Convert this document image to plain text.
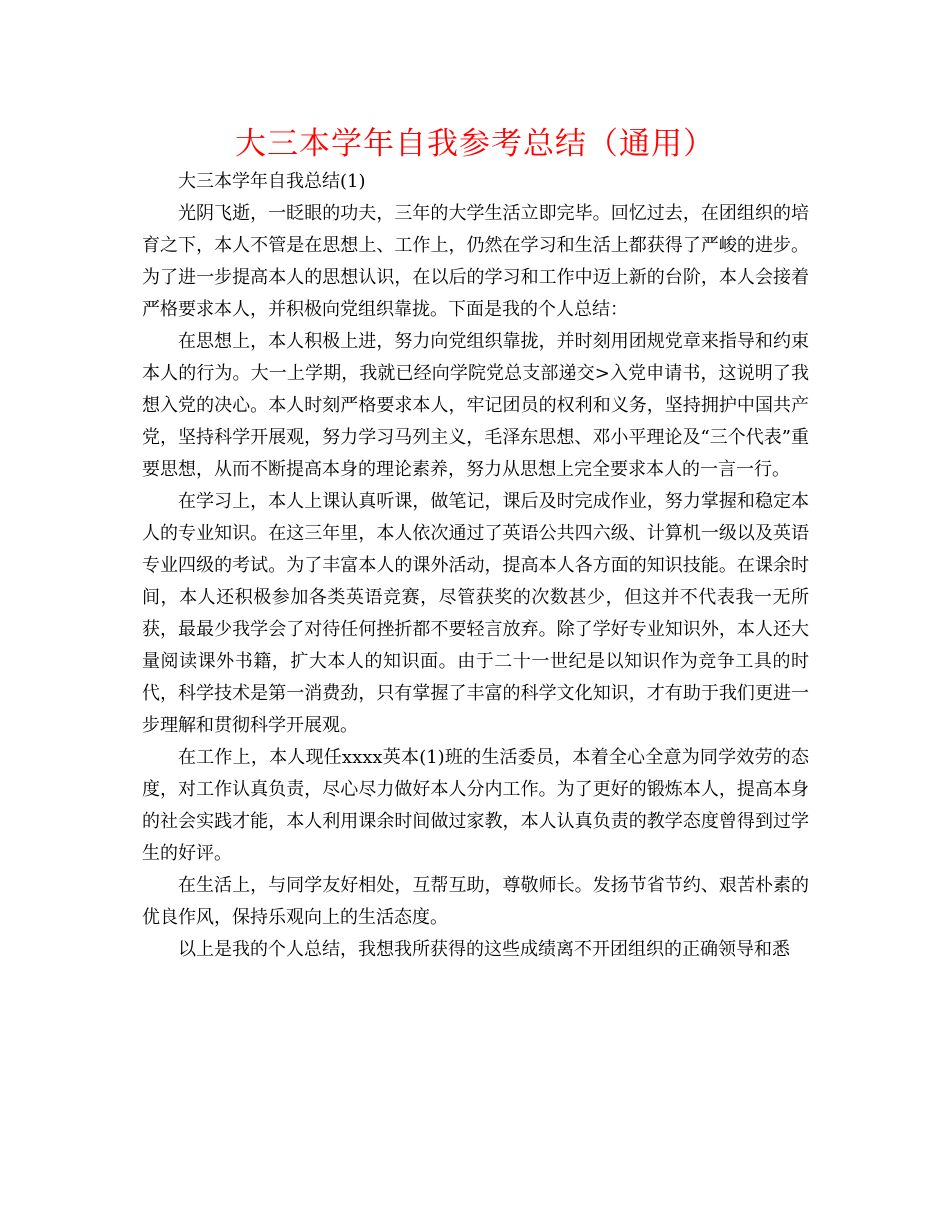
大三本学年自我参考总结（通用）

大三本学年自我总结(1)

光阴飞逝，一眨眼的功夫，三年的大学生活立即完毕。回忆过去，在团组织的培育之下，本人不管是在思想上、工作上，仍然在学习和生活上都获得了严峻的进步。为了进一步提高本人的思想认识，在以后的学习和工作中迈上新的台阶，本人会接着严格要求本人，并积极向党组织靠拢。下面是我的个人总结：

在思想上，本人积极上进，努力向党组织靠拢，并时刻用团规党章来指导和约束本人的行为。大一上学期，我就已经向学院党总支部递交>入党申请书，这说明了我想入党的决心。本人时刻严格要求本人，牢记团员的权利和义务，坚持拥护中国共产党，坚持科学开展观，努力学习马列主义，毛泽东思想、邓小平理论及“三个代表”重要思想，从而不断提高本身的理论素养，努力从思想上完全要求本人的一言一行。

在学习上，本人上课认真听课，做笔记，课后及时完成作业，努力掌握和稳定本人的专业知识。在这三年里，本人依次通过了英语公共四六级、计算机一级以及英语专业四级的考试。为了丰富本人的课外活动，提高本人各方面的知识技能。在课余时间，本人还积极参加各类英语竞赛，尽管获奖的次数甚少，但这并不代表我一无所获，最最少我学会了对待任何挫折都不要轻言放弃。除了学好专业知识外，本人还大量阅读课外书籍，扩大本人的知识面。由于二十一世纪是以知识作为竞争工具的时代，科学技术是第一消费劲，只有掌握了丰富的科学文化知识，才有助于我们更进一步理解和贯彻科学开展观。

在工作上，本人现任xxxx英本(1)班的生活委员，本着全心全意为同学效劳的态度，对工作认真负责，尽心尽力做好本人分内工作。为了更好的锻炼本人，提高本身的社会实践才能，本人利用课余时间做过家教，本人认真负责的教学态度曾得到过学生的好评。

在生活上，与同学友好相处，互帮互助，尊敬师长。发扬节省节约、艰苦朴素的优良作风，保持乐观向上的生活态度。

以上是我的个人总结，我想我所获得的这些成绩离不开团组织的正确领导和悉
